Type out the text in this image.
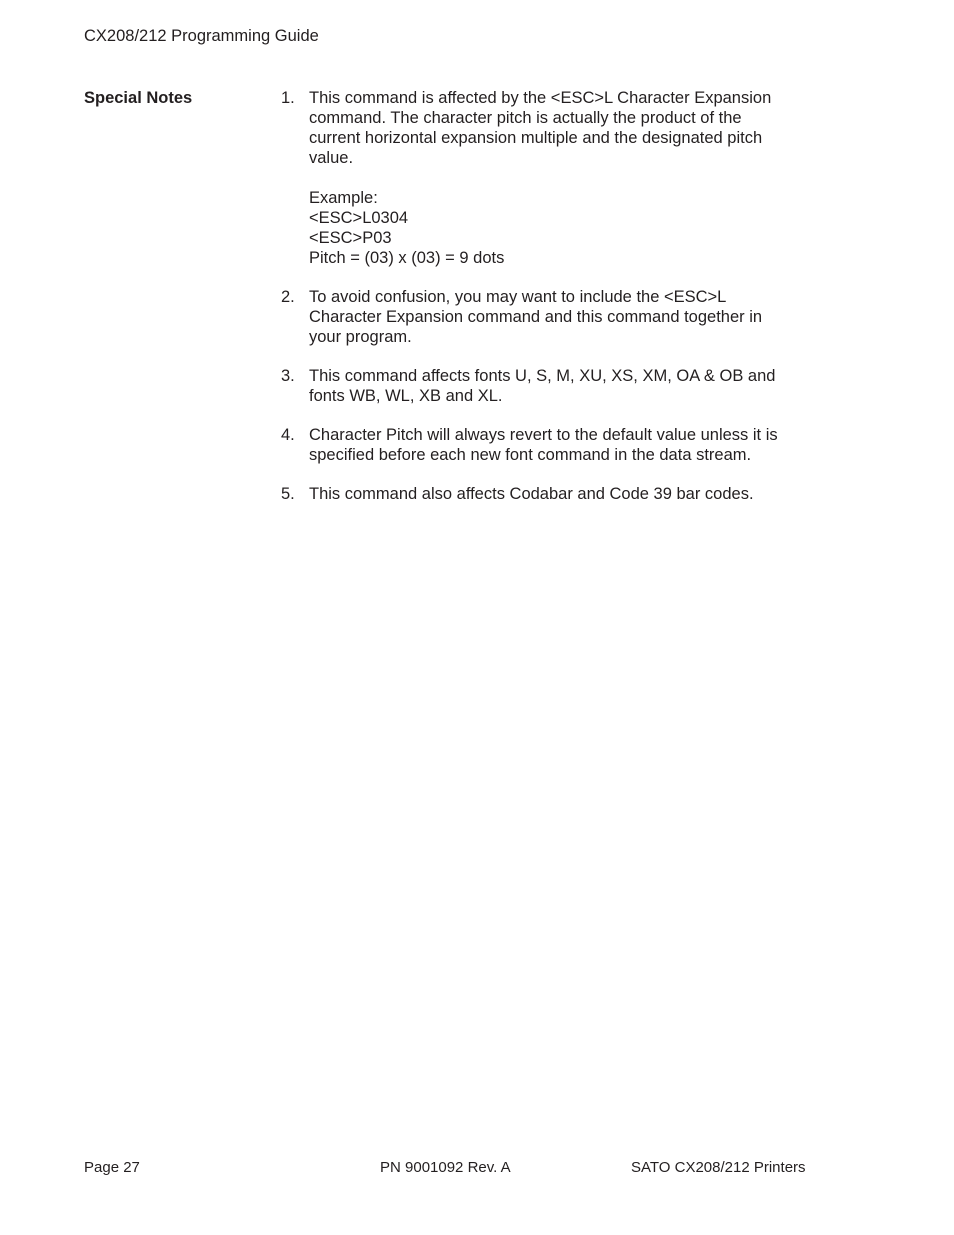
CX208/212 Programming Guide
Special Notes	1. This command is affected by the <ESC>L Character Expansion
command. The character pitch is actually the product of the
current horizontal expansion multiple and the designated pitch
value.
Example:
<ESC>L0304
<ESC>P03
Pitch = (03) x (03) = 9 dots
2. To avoid confusion, you may want to include the <ESC>L
Character Expansion command and this command together in
your program.
3. This command affects fonts U, S, M, XU, XS, XM, OA & OB and
fonts WB, WL, XB and XL.
4. Character Pitch will always revert to the default value unless it is
specified before each new font command in the data stream.
5. This command also affects Codabar and Code 39 bar codes.
Page 27	PN 9001092 Rev. A	SATO CX208/212 Printers
